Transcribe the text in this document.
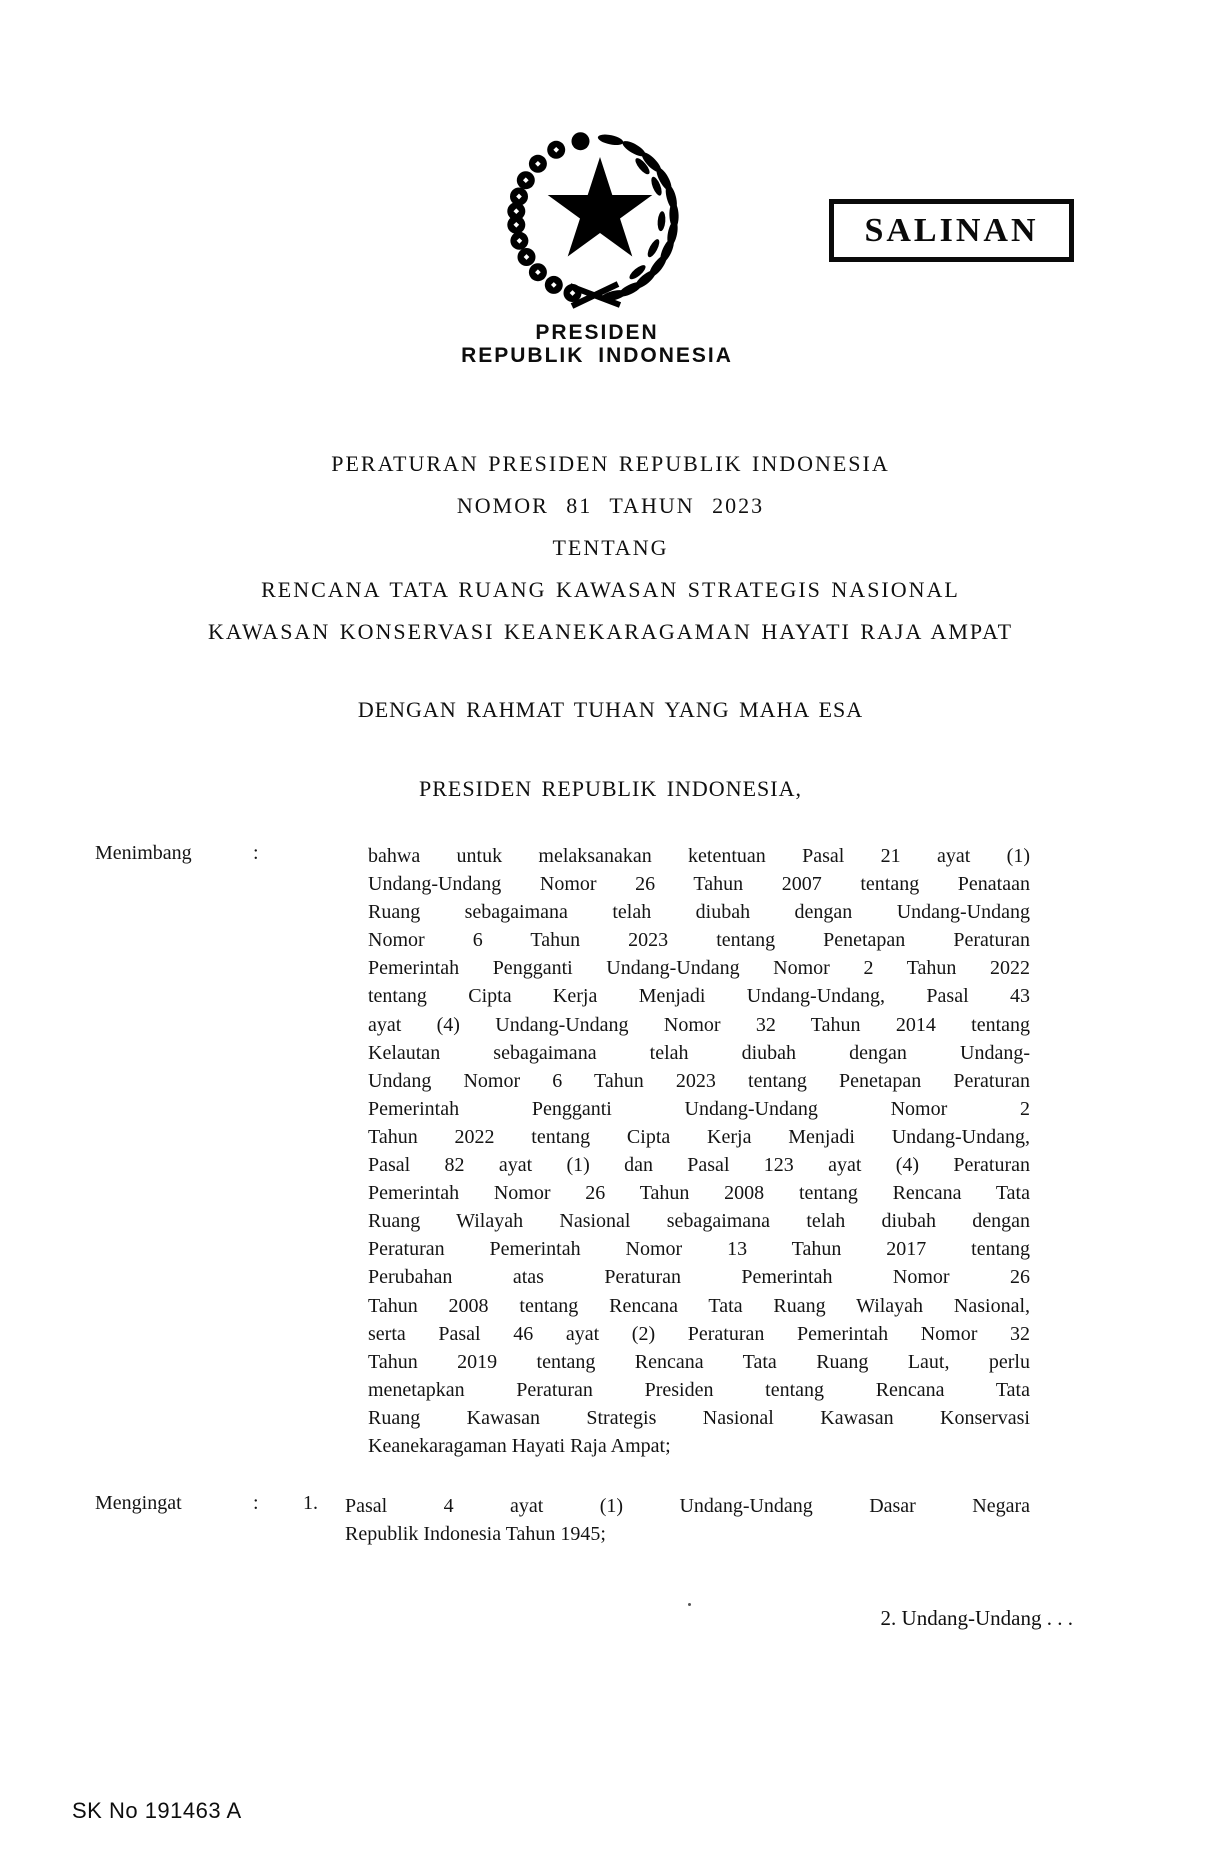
SALINAN
PRESIDEN
REPUBLIK INDONESIA
PERATURAN PRESIDEN REPUBLIK INDONESIA
NOMOR 81 TAHUN 2023
TENTANG
RENCANA TATA RUANG KAWASAN STRATEGIS NASIONAL
KAWASAN KONSERVASI KEANEKARAGAMAN HAYATI RAJA AMPAT
DENGAN RAHMAT TUHAN YANG MAHA ESA
PRESIDEN REPUBLIK INDONESIA,
Menimbang	:	bahwa untuk melaksanakan ketentuan Pasal 21 ayat (1)
Undang-Undang Nomor 26 Tahun 2007 tentang Penataan
Ruang sebagaimana telah diubah dengan Undang-Undang
Nomor 6 Tahun 2023 tentang Penetapan Peraturan
Pemerintah Pengganti Undang-Undang Nomor 2 Tahun 2022
tentang Cipta Kerja Menjadi Undang-Undang, Pasal 43
ayat (4) Undang-Undang Nomor 32 Tahun 2014 tentang
Kelautan sebagaimana telah diubah dengan Undang-
Undang Nomor 6 Tahun 2023 tentang Penetapan Peraturan
Pemerintah Pengganti Undang-Undang Nomor 2
Tahun 2022 tentang Cipta Kerja Menjadi Undang-Undang,
Pasal 82 ayat (1) dan Pasal 123 ayat (4) Peraturan
Pemerintah Nomor 26 Tahun 2008 tentang Rencana Tata
Ruang Wilayah Nasional sebagaimana telah diubah dengan
Peraturan Pemerintah Nomor 13 Tahun 2017 tentang
Perubahan atas Peraturan Pemerintah Nomor 26
Tahun 2008 tentang Rencana Tata Ruang Wilayah Nasional,
serta Pasal 46 ayat (2) Peraturan Pemerintah Nomor 32
Tahun 2019 tentang Rencana Tata Ruang Laut, perlu
menetapkan Peraturan Presiden tentang Rencana Tata
Ruang Kawasan Strategis Nasional Kawasan Konservasi
Keanekaragaman Hayati Raja Ampat;
Mengingat	: 1. Pasal 4 ayat (1) Undang-Undang Dasar Negara
Republik Indonesia Tahun 1945;
2. Undang-Undang . . .
SK No 191463 A
